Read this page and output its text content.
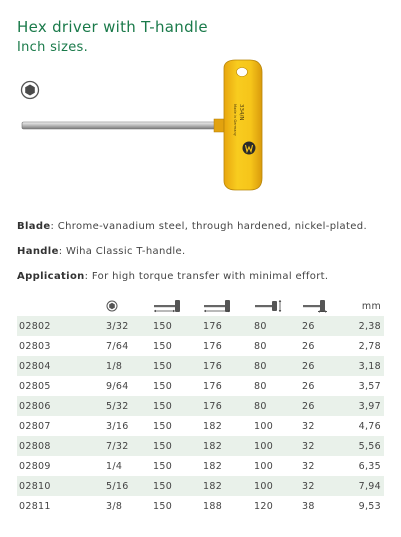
Hex driver with T-handle
Inch sizes.
334/N
Made in Germany
Blade: Chrome-vanadium steel, through hardened, nickel-plated.
Handle: Wiha Classic T-handle.
Application: For high torque transfer with minimal effort.

	mm
02802	3/32	150	176	80	26	2,38
02803	7/64	150	176	80	26	2,78
02804	1/8	150	176	80	26	3,18
02805	9/64	150	176	80	26	3,57
02806	5/32	150	176	80	26	3,97
02807	3/16	150	182	100	32	4,76
02808	7/32	150	182	100	32	5,56
02809	1/4	150	182	100	32	6,35
02810	5/16	150	182	100	32	7,94
02811	3/8	150	188	120	38	9,53
